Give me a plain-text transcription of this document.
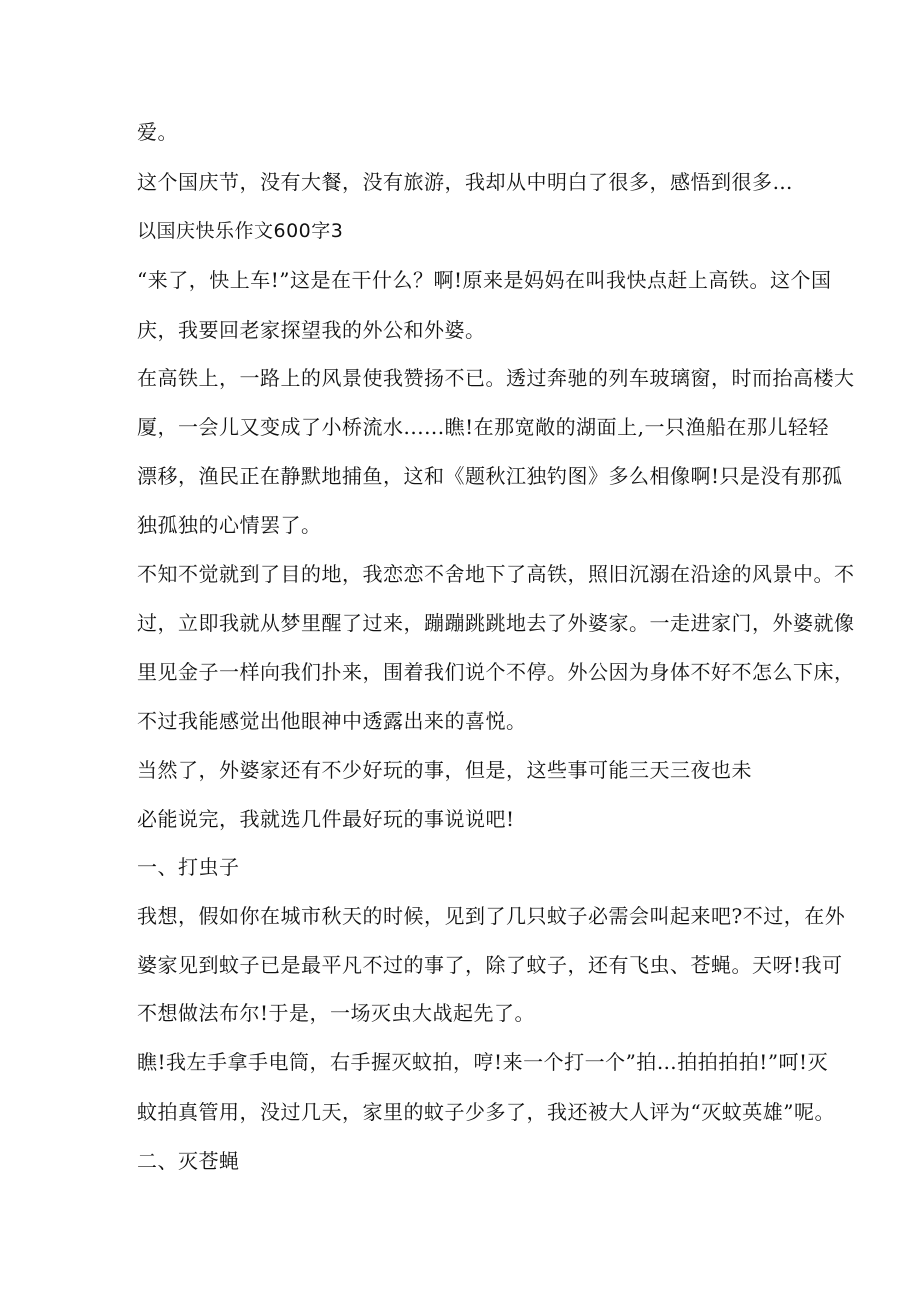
爱。
这个国庆节，没有大餐，没有旅游，我却从中明白了很多，感悟到很多…
以国庆快乐作文600字3
“来了，快上车!”这是在干什么？啊!原来是妈妈在叫我快点赶上高铁。这个国
庆，我要回老家探望我的外公和外婆。
在高铁上，一路上的风景使我赞扬不已。透过奔驰的列车玻璃窗，时而抬高楼大
厦，一会儿又变成了小桥流水......瞧!在那宽敞的湖面上,一只渔船在那儿轻轻
漂移，渔民正在静默地捕鱼，这和《题秋江独钓图》多么相像啊!只是没有那孤
独孤独的心情罢了。
不知不觉就到了目的地，我恋恋不舍地下了高铁，照旧沉溺在沿途的风景中。不
过，立即我就从梦里醒了过来，蹦蹦跳跳地去了外婆家。一走进家门，外婆就像
里见金子一样向我们扑来，围着我们说个不停。外公因为身体不好不怎么下床，
不过我能感觉出他眼神中透露出来的喜悦。
当然了，外婆家还有不少好玩的事，但是，这些事可能三天三夜也未
必能说完，我就选几件最好玩的事说说吧!
一、打虫子
我想，假如你在城市秋天的时候，见到了几只蚊子必需会叫起来吧?不过，在外
婆家见到蚊子已是最平凡不过的事了，除了蚊子，还有飞虫、苍蝇。天呀!我可
不想做法布尔!于是，一场灭虫大战起先了。
瞧!我左手拿手电筒，右手握灭蚊拍，哼!来一个打一个”拍…拍拍拍拍!”呵!灭
蚊拍真管用，没过几天，家里的蚊子少多了，我还被大人评为“灭蚊英雄”呢。
二、灭苍蝇
